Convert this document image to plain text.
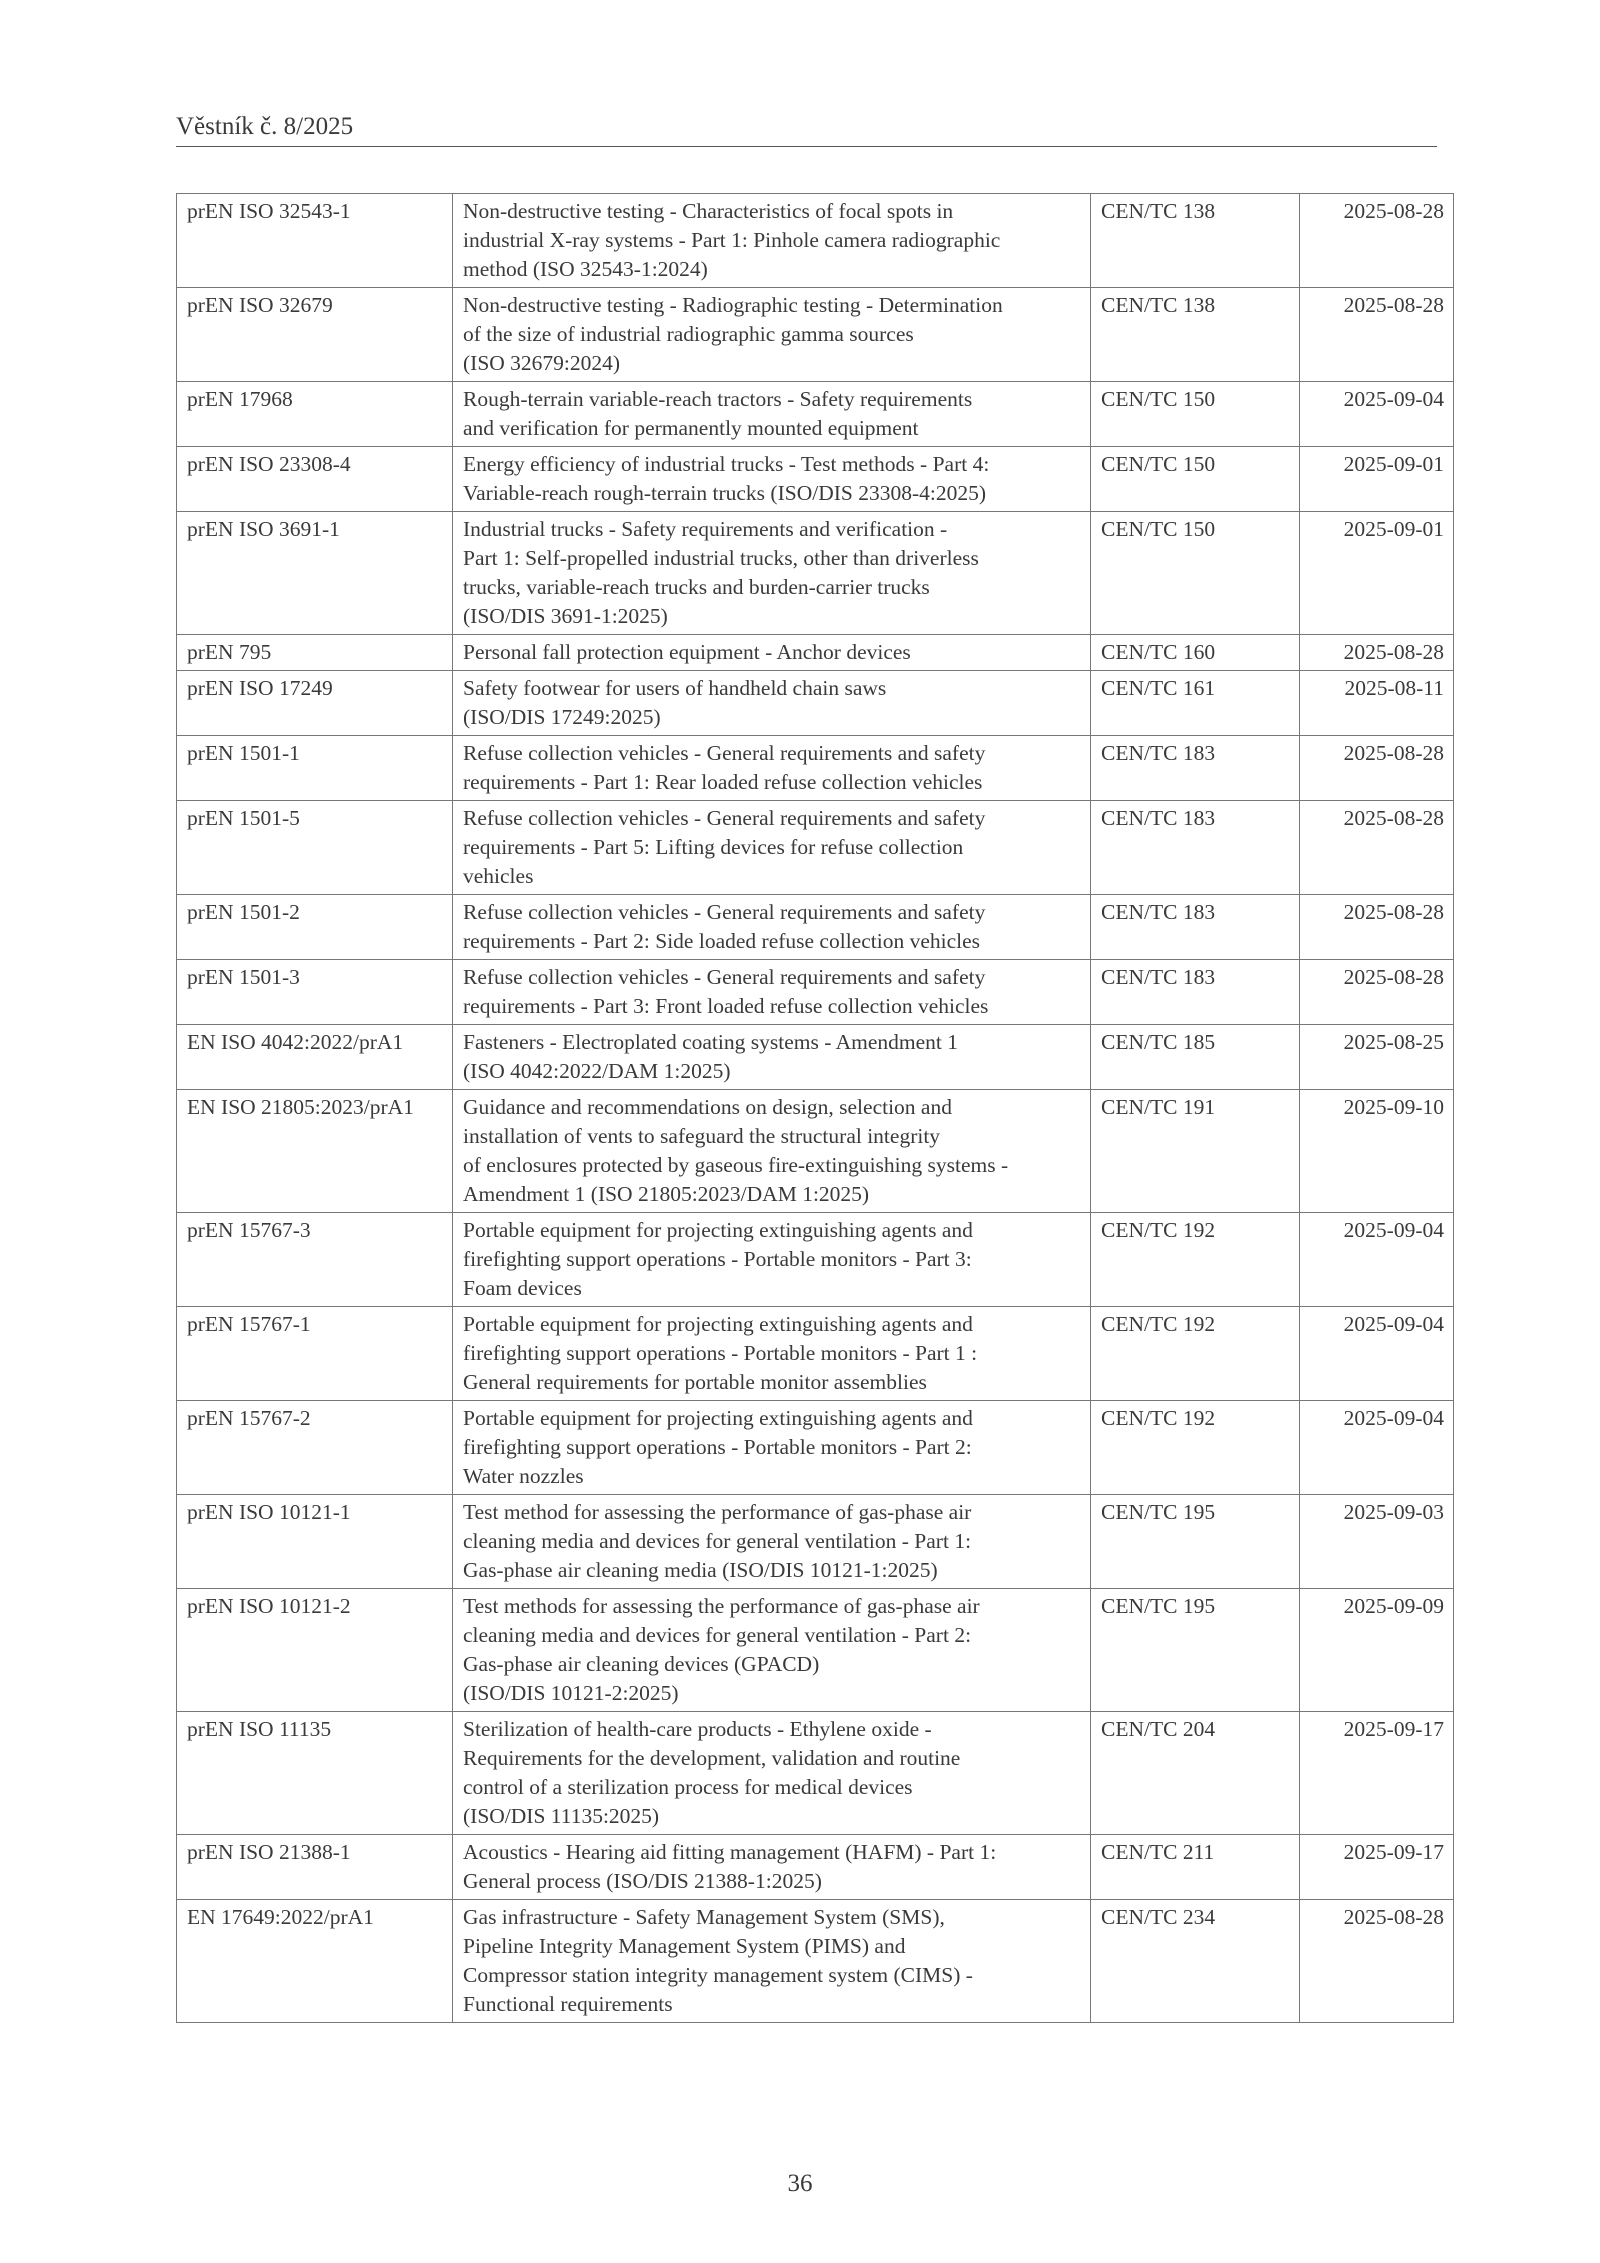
Věstník č. 8/2025
prEN ISO 32543-1	Non-destructive testing - Characteristics of focal spots in
industrial X-ray systems - Part 1: Pinhole camera radiographic
method (ISO 32543-1:2024)	CEN/TC 138	2025-08-28
prEN ISO 32679	Non-destructive testing - Radiographic testing - Determination
of the size of industrial radiographic gamma sources
(ISO 32679:2024)	CEN/TC 138	2025-08-28
prEN 17968	Rough-terrain variable-reach tractors - Safety requirements
and verification for permanently mounted equipment	CEN/TC 150	2025-09-04
prEN ISO 23308-4	Energy efficiency of industrial trucks - Test methods - Part 4:
Variable-reach rough-terrain trucks (ISO/DIS 23308-4:2025)	CEN/TC 150	2025-09-01
prEN ISO 3691-1	Industrial trucks - Safety requirements and verification -
Part 1: Self-propelled industrial trucks, other than driverless
trucks, variable-reach trucks and burden-carrier trucks
(ISO/DIS 3691-1:2025)	CEN/TC 150	2025-09-01
prEN 795	Personal fall protection equipment - Anchor devices	CEN/TC 160	2025-08-28
prEN ISO 17249	Safety footwear for users of handheld chain saws
(ISO/DIS 17249:2025)	CEN/TC 161	2025-08-11
prEN 1501-1	Refuse collection vehicles - General requirements and safety
requirements - Part 1: Rear loaded refuse collection vehicles	CEN/TC 183	2025-08-28
prEN 1501-5	Refuse collection vehicles - General requirements and safety
requirements - Part 5: Lifting devices for refuse collection
vehicles	CEN/TC 183	2025-08-28
prEN 1501-2	Refuse collection vehicles - General requirements and safety
requirements - Part 2: Side loaded refuse collection vehicles	CEN/TC 183	2025-08-28
prEN 1501-3	Refuse collection vehicles - General requirements and safety
requirements - Part 3: Front loaded refuse collection vehicles	CEN/TC 183	2025-08-28
EN ISO 4042:2022/prA1	Fasteners - Electroplated coating systems - Amendment 1
(ISO 4042:2022/DAM 1:2025)	CEN/TC 185	2025-08-25
EN ISO 21805:2023/prA1	Guidance and recommendations on design, selection and
installation of vents to safeguard the structural integrity
of enclosures protected by gaseous fire-extinguishing systems -
Amendment 1 (ISO 21805:2023/DAM 1:2025)	CEN/TC 191	2025-09-10
prEN 15767-3	Portable equipment for projecting extinguishing agents and
firefighting support operations - Portable monitors - Part 3:
Foam devices	CEN/TC 192	2025-09-04
prEN 15767-1	Portable equipment for projecting extinguishing agents and
firefighting support operations - Portable monitors - Part 1 :
General requirements for portable monitor assemblies	CEN/TC 192	2025-09-04
prEN 15767-2	Portable equipment for projecting extinguishing agents and
firefighting support operations - Portable monitors - Part 2:
Water nozzles	CEN/TC 192	2025-09-04
prEN ISO 10121-1	Test method for assessing the performance of gas-phase air
cleaning media and devices for general ventilation - Part 1:
Gas-phase air cleaning media (ISO/DIS 10121-1:2025)	CEN/TC 195	2025-09-03
prEN ISO 10121-2	Test methods for assessing the performance of gas-phase air
cleaning media and devices for general ventilation - Part 2:
Gas-phase air cleaning devices (GPACD)
(ISO/DIS 10121-2:2025)	CEN/TC 195	2025-09-09
prEN ISO 11135	Sterilization of health-care products - Ethylene oxide -
Requirements for the development, validation and routine
control of a sterilization process for medical devices
(ISO/DIS 11135:2025)	CEN/TC 204	2025-09-17
prEN ISO 21388-1	Acoustics - Hearing aid fitting management (HAFM) - Part 1:
General process (ISO/DIS 21388-1:2025)	CEN/TC 211	2025-09-17
EN 17649:2022/prA1	Gas infrastructure - Safety Management System (SMS),
Pipeline Integrity Management System (PIMS) and
Compressor station integrity management system (CIMS) -
Functional requirements	CEN/TC 234	2025-08-28
36
